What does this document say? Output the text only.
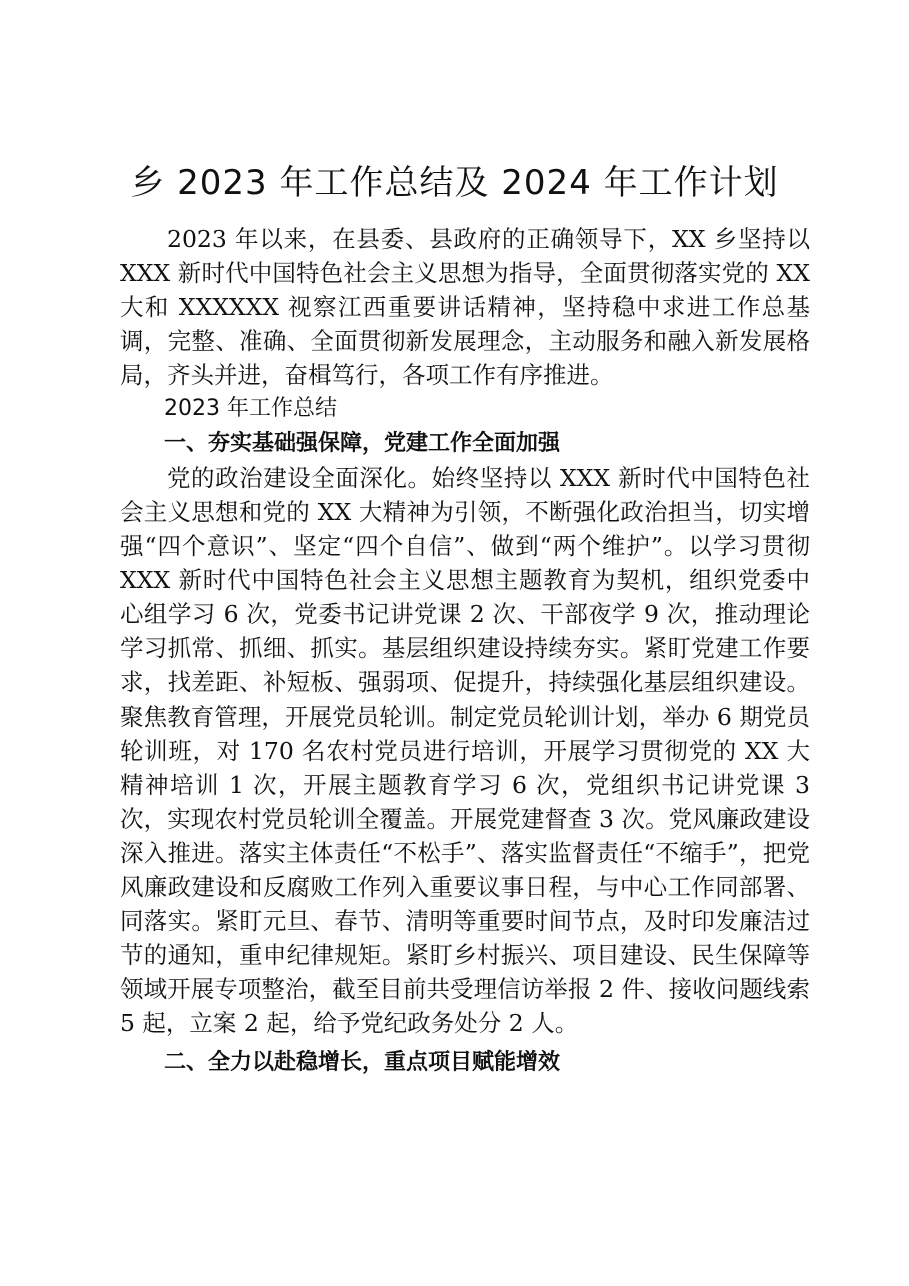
乡 2023 年工作总结及 2024 年工作计划

2023 年以来，在县委、县政府的正确领导下，XX 乡坚持以 XXX 新时代中国特色社会主义思想为指导，全面贯彻落实党的 XX 大和 XXXXXX 视察江西重要讲话精神，坚持稳中求进工作总基调，完整、准确、全面贯彻新发展理念，主动服务和融入新发展格局，齐头并进，奋楫笃行，各项工作有序推进。

2023 年工作总结

一、夯实基础强保障，党建工作全面加强

党的政治建设全面深化。始终坚持以 XXX 新时代中国特色社会主义思想和党的 XX 大精神为引领，不断强化政治担当，切实增强“四个意识”、坚定“四个自信”、做到“两个维护”。以学习贯彻 XXX 新时代中国特色社会主义思想主题教育为契机，组织党委中心组学习 6 次，党委书记讲党课 2 次、干部夜学 9 次，推动理论学习抓常、抓细、抓实。基层组织建设持续夯实。紧盯党建工作要求，找差距、补短板、强弱项、促提升，持续强化基层组织建设。聚焦教育管理，开展党员轮训。制定党员轮训计划，举办 6 期党员轮训班，对 170 名农村党员进行培训，开展学习贯彻党的 XX 大精神培训 1 次，开展主题教育学习 6 次，党组织书记讲党课 3 次，实现农村党员轮训全覆盖。开展党建督查 3 次。党风廉政建设深入推进。落实主体责任“不松手”、落实监督责任“不缩手”，把党风廉政建设和反腐败工作列入重要议事日程，与中心工作同部署、同落实。紧盯元旦、春节、清明等重要时间节点，及时印发廉洁过节的通知，重申纪律规矩。紧盯乡村振兴、项目建设、民生保障等领域开展专项整治，截至目前共受理信访举报 2 件、接收问题线索 5 起，立案 2 起，给予党纪政务处分 2 人。

二、全力以赴稳增长，重点项目赋能增效
